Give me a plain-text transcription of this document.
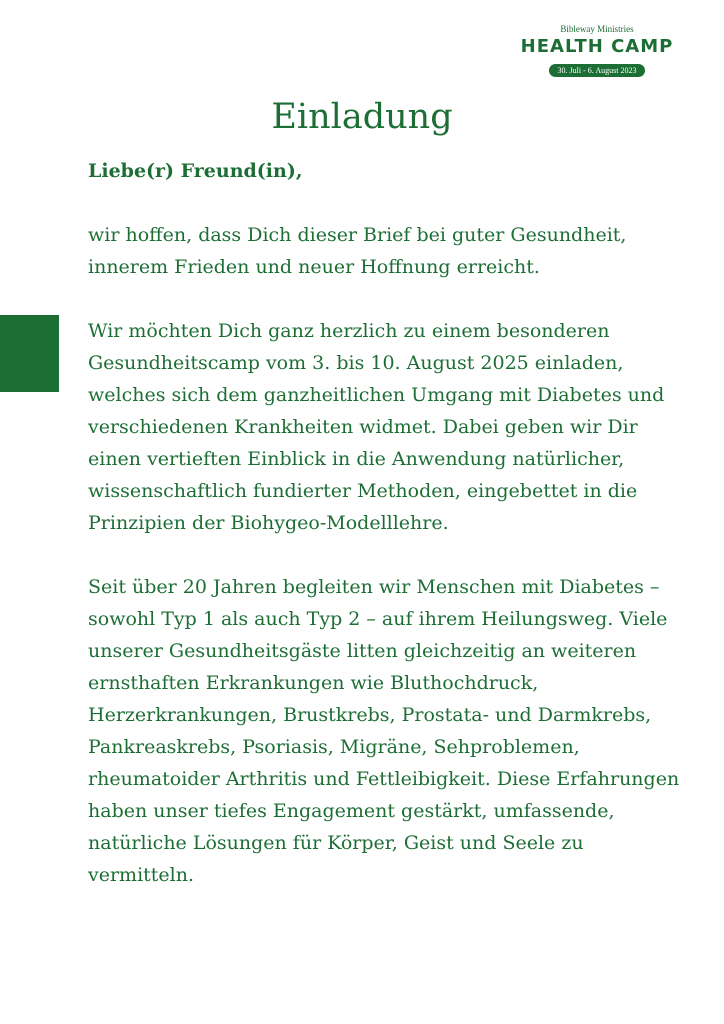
Bibleway Ministries
HEALTH CAMP
30. Juli - 6. August 2023
Einladung

Liebe(r) Freund(in),

wir hoffen, dass Dich dieser Brief bei guter Gesundheit, innerem Frieden und neuer Hoffnung erreicht.

Wir möchten Dich ganz herzlich zu einem besonderen Gesundheitscamp vom 3. bis 10. August 2025 einladen, welches sich dem ganzheitlichen Umgang mit Diabetes und verschiedenen Krankheiten widmet. Dabei geben wir Dir einen vertieften Einblick in die Anwendung natürlicher, wissenschaftlich fundierter Methoden, eingebettet in die Prinzipien der Biohygeo-Modelllehre.

Seit über 20 Jahren begleiten wir Menschen mit Diabetes – sowohl Typ 1 als auch Typ 2 – auf ihrem Heilungsweg. Viele unserer Gesundheitsgäste litten gleichzeitig an weiteren ernsthaften Erkrankungen wie Bluthochdruck, Herzerkrankungen, Brustkrebs, Prostata- und Darmkrebs, Pankreaskrebs, Psoriasis, Migräne, Sehproblemen, rheumatoider Arthritis und Fettleibigkeit. Diese Erfahrungen haben unser tiefes Engagement gestärkt, umfassende, natürliche Lösungen für Körper, Geist und Seele zu vermitteln.
